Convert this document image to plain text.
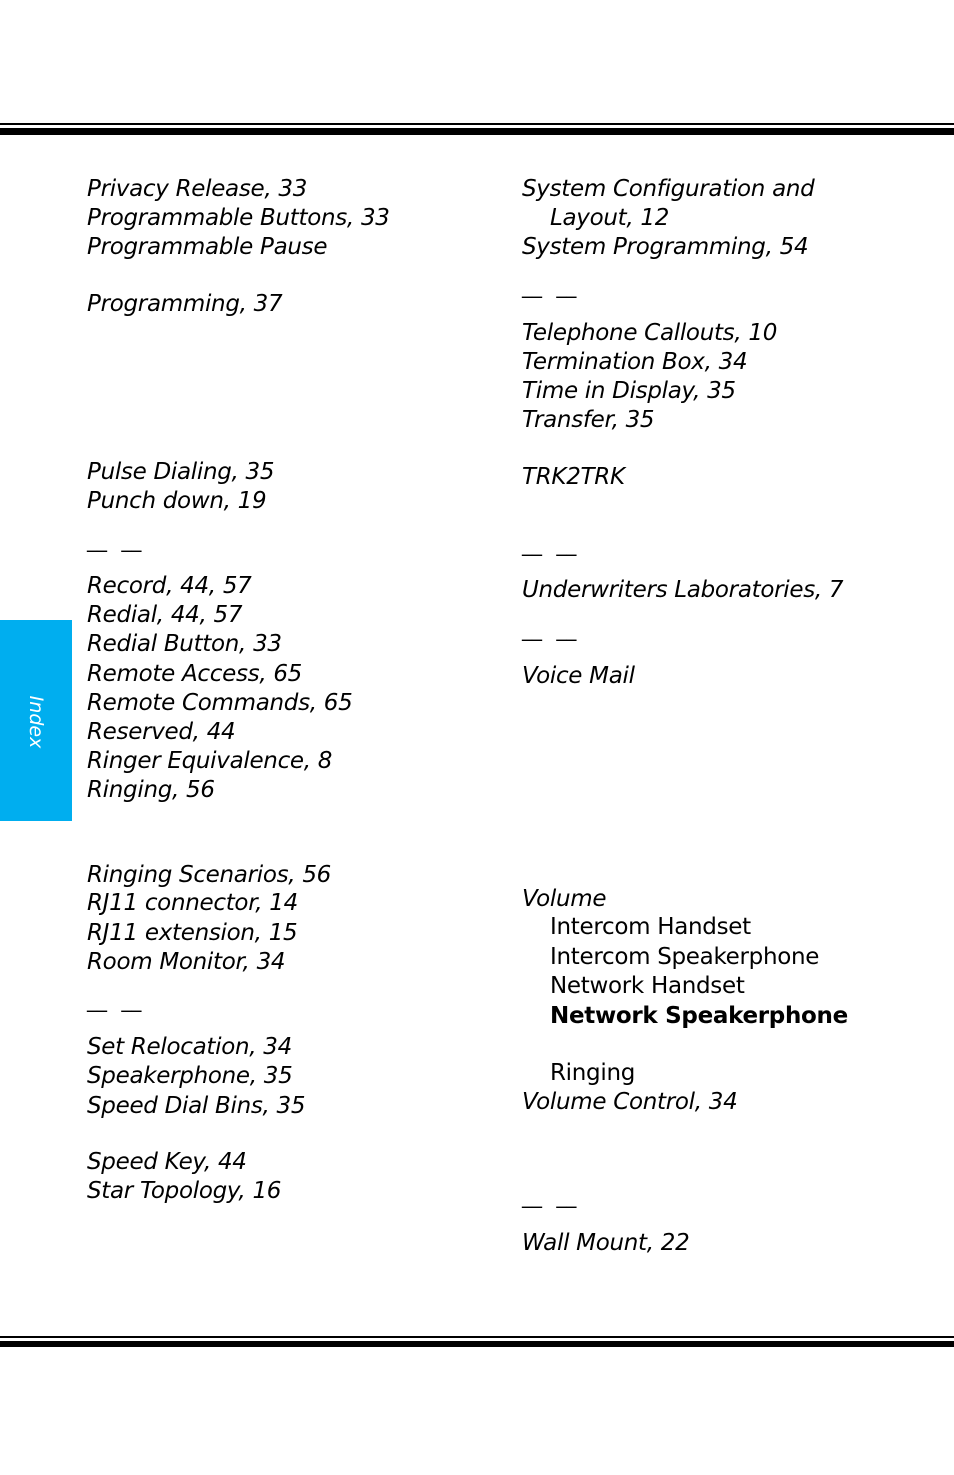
Index
Privacy Release, 33
Programmable Buttons, 33
Programmable Pause
Programming, 37
Pulse Dialing, 35
Punch down, 19
__ __
Record, 44, 57
Redial, 44, 57
Redial Button, 33
Remote Access, 65
Remote Commands, 65
Reserved, 44
Ringer Equivalence, 8
Ringing, 56
Ringing Scenarios, 56
RJ11 connector, 14
RJ11 extension, 15
Room Monitor, 34
__ __
Set Relocation, 34
Speakerphone, 35
Speed Dial Bins, 35
Speed Key, 44
Star Topology, 16
System Configuration and
Layout, 12
System Programming, 54
__ __
Telephone Callouts, 10
Termination Box, 34
Time in Display, 35
Transfer, 35
TRK2TRK
__ __
Underwriters Laboratories, 7
__ __
Voice Mail
Volume
Intercom Handset
Intercom Speakerphone
Network Handset
Network Speakerphone
Ringing
Volume Control, 34
__ __
Wall Mount, 22
